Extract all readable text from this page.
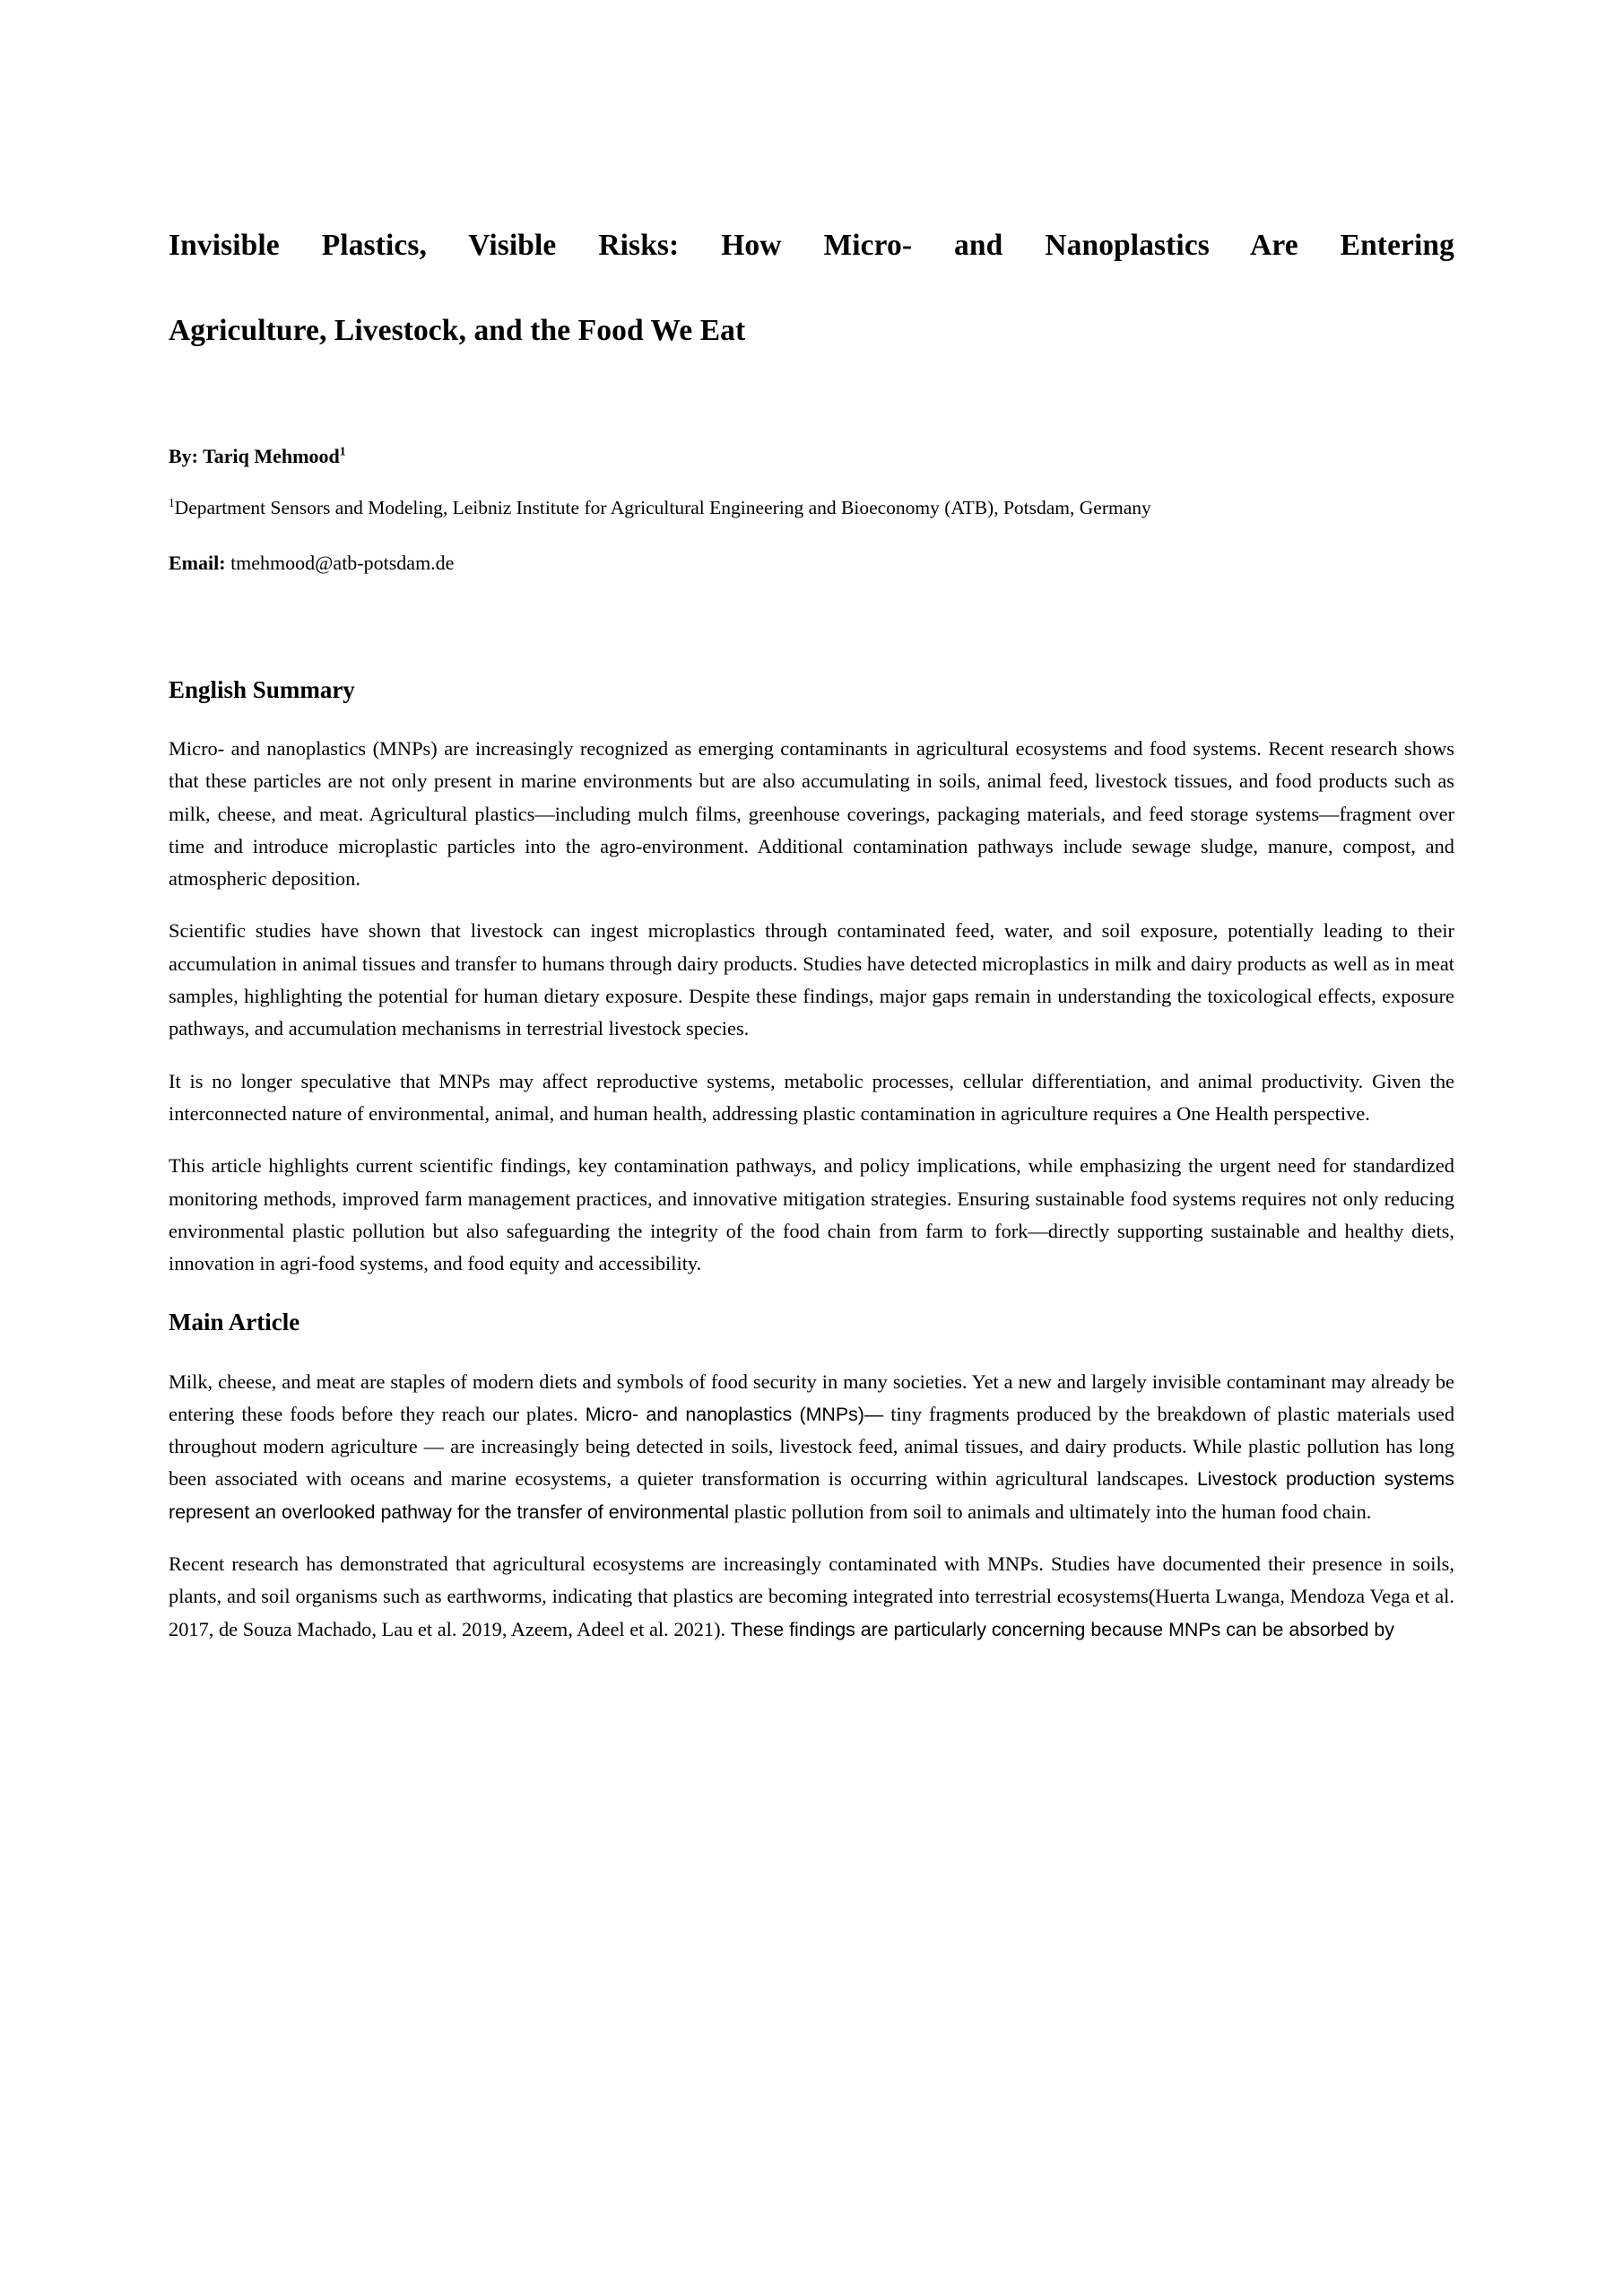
Invisible Plastics, Visible Risks: How Micro- and Nanoplastics Are Entering
Agriculture, Livestock, and the Food We Eat

By: Tariq Mehmood$^1$

$^1$Department Sensors and Modeling, Leibniz Institute for Agricultural Engineering and Bioeconomy (ATB), Potsdam, Germany

Email: tmehmood@atb-potsdam.de

English Summary

Micro- and nanoplastics (MNPs) are increasingly recognized as emerging contaminants in agricultural ecosystems and food systems. Recent research shows that these particles are not only present in marine environments but are also accumulating in soils, animal feed, livestock tissues, and food products such as milk, cheese, and meat. Agricultural plastics—including mulch films, greenhouse coverings, packaging materials, and feed storage systems—fragment over time and introduce microplastic particles into the agro-environment. Additional contamination pathways include sewage sludge, manure, compost, and atmospheric deposition.

Scientific studies have shown that livestock can ingest microplastics through contaminated feed, water, and soil exposure, potentially leading to their accumulation in animal tissues and transfer to humans through dairy products. Studies have detected microplastics in milk and dairy products as well as in meat samples, highlighting the potential for human dietary exposure. Despite these findings, major gaps remain in understanding the toxicological effects, exposure pathways, and accumulation mechanisms in terrestrial livestock species.

It is no longer speculative that MNPs may affect reproductive systems, metabolic processes, cellular differentiation, and animal productivity. Given the interconnected nature of environmental, animal, and human health, addressing plastic contamination in agriculture requires a One Health perspective.

This article highlights current scientific findings, key contamination pathways, and policy implications, while emphasizing the urgent need for standardized monitoring methods, improved farm management practices, and innovative mitigation strategies. Ensuring sustainable food systems requires not only reducing environmental plastic pollution but also safeguarding the integrity of the food chain from farm to fork—directly supporting sustainable and healthy diets, innovation in agri-food systems, and food equity and accessibility.

Main Article

Milk, cheese, and meat are staples of modern diets and symbols of food security in many societies. Yet a new and largely invisible contaminant may already be entering these foods before they reach our plates. Micro- and nanoplastics (MNPs)— tiny fragments produced by the breakdown of plastic materials used throughout modern agriculture — are increasingly being detected in soils, livestock feed, animal tissues, and dairy products. While plastic pollution has long been associated with oceans and marine ecosystems, a quieter transformation is occurring within agricultural landscapes. Livestock production systems represent an overlooked pathway for the transfer of environmental plastic pollution from soil to animals and ultimately into the human food chain.

Recent research has demonstrated that agricultural ecosystems are increasingly contaminated with MNPs. Studies have documented their presence in soils, plants, and soil organisms such as earthworms, indicating that plastics are becoming integrated into terrestrial ecosystems(Huerta Lwanga, Mendoza Vega et al. 2017, de Souza Machado, Lau et al. 2019, Azeem, Adeel et al. 2021). These findings are particularly concerning because MNPs can be absorbed by
